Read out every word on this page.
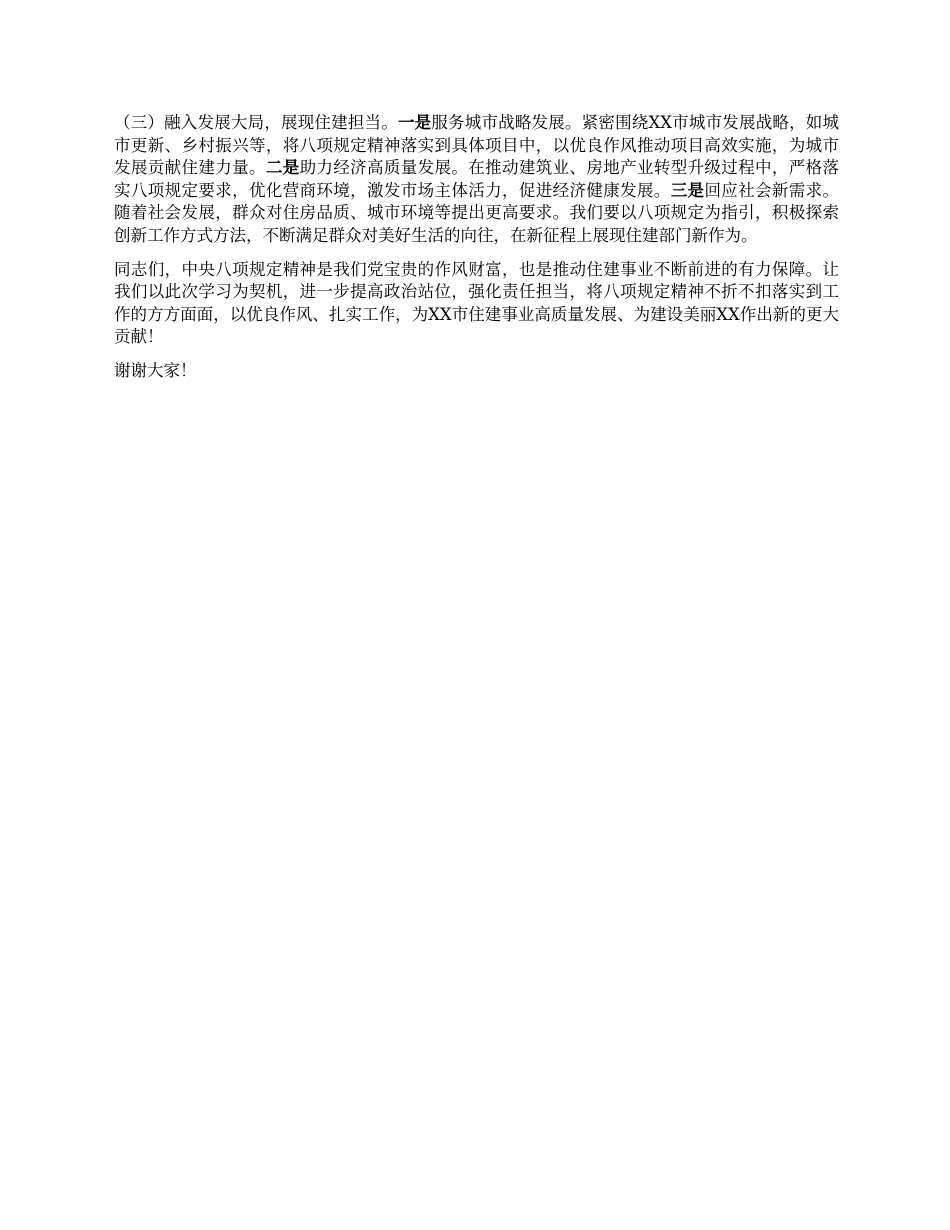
（三）融入发展大局，展现住建担当。一是服务城市战略发展。紧密围绕XX市城市发展战略，如城市更新、乡村振兴等，将八项规定精神落实到具体项目中，以优良作风推动项目高效实施，为城市发展贡献住建力量。二是助力经济高质量发展。在推动建筑业、房地产业转型升级过程中，严格落实八项规定要求，优化营商环境，激发市场主体活力，促进经济健康发展。三是回应社会新需求。随着社会发展，群众对住房品质、城市环境等提出更高要求。我们要以八项规定为指引，积极探索创新工作方式方法，不断满足群众对美好生活的向往，在新征程上展现住建部门新作为。

同志们，中央八项规定精神是我们党宝贵的作风财富，也是推动住建事业不断前进的有力保障。让我们以此次学习为契机，进一步提高政治站位，强化责任担当，将八项规定精神不折不扣落实到工作的方方面面，以优良作风、扎实工作，为XX市住建事业高质量发展、为建设美丽XX作出新的更大贡献！

谢谢大家！
